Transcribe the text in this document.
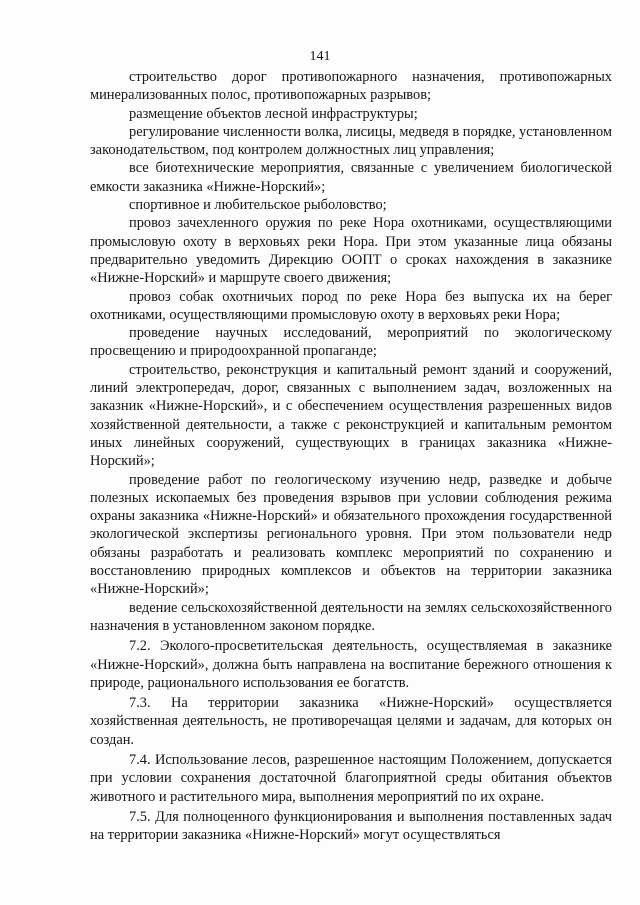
141

строительство дорог противопожарного назначения, противопожарных минерализованных полос, противопожарных разрывов;

размещение объектов лесной инфраструктуры;

регулирование численности волка, лисицы, медведя в порядке, установленном законодательством, под контролем должностных лиц управления;

все биотехнические мероприятия, связанные с увеличением биологической емкости заказника «Нижне-Норский»;

спортивное и любительское рыболовство;

провоз зачехленного оружия по реке Нора охотниками, осуществляющими промысловую охоту в верховьях реки Нора. При этом указанные лица обязаны предварительно уведомить Дирекцию ООПТ о сроках нахождения в заказнике «Нижне-Норский» и маршруте своего движения;

провоз собак охотничьих пород по реке Нора без выпуска их на берег охотниками, осуществляющими промысловую охоту в верховьях реки Нора;

проведение научных исследований, мероприятий по экологическому просвещению и природоохранной пропаганде;

строительство, реконструкция и капитальный ремонт зданий и сооружений, линий электропередач, дорог, связанных с выполнением задач, возложенных на заказник «Нижне-Норский», и с обеспечением осуществления разрешенных видов хозяйственной деятельности, а также с реконструкцией и капитальным ремонтом иных линейных сооружений, существующих в границах заказника «Нижне-Норский»;

проведение работ по геологическому изучению недр, разведке и добыче полезных ископаемых без проведения взрывов при условии соблюдения режима охраны заказника «Нижне-Норский» и обязательного прохождения государственной экологической экспертизы регионального уровня. При этом пользователи недр обязаны разработать и реализовать комплекс мероприятий по сохранению и восстановлению природных комплексов и объектов на территории заказника «Нижне-Норский»;

ведение сельскохозяйственной деятельности на землях сельскохозяйственного назначения в установленном законом порядке.

7.2. Эколого-просветительская деятельность, осуществляемая в заказнике «Нижне-Норский», должна быть направлена на воспитание бережного отношения к природе, рационального использования ее богатств.

7.3. На территории заказника «Нижне-Норский» осуществляется хозяйственная деятельность, не противоречащая целями и задачам, для которых он создан.

7.4. Использование лесов, разрешенное настоящим Положением, допускается при условии сохранения достаточной благоприятной среды обитания объектов животного и растительного мира, выполнения мероприятий по их охране.

7.5. Для полноценного функционирования и выполнения поставленных задач на территории заказника «Нижне-Норский» могут осуществляться
